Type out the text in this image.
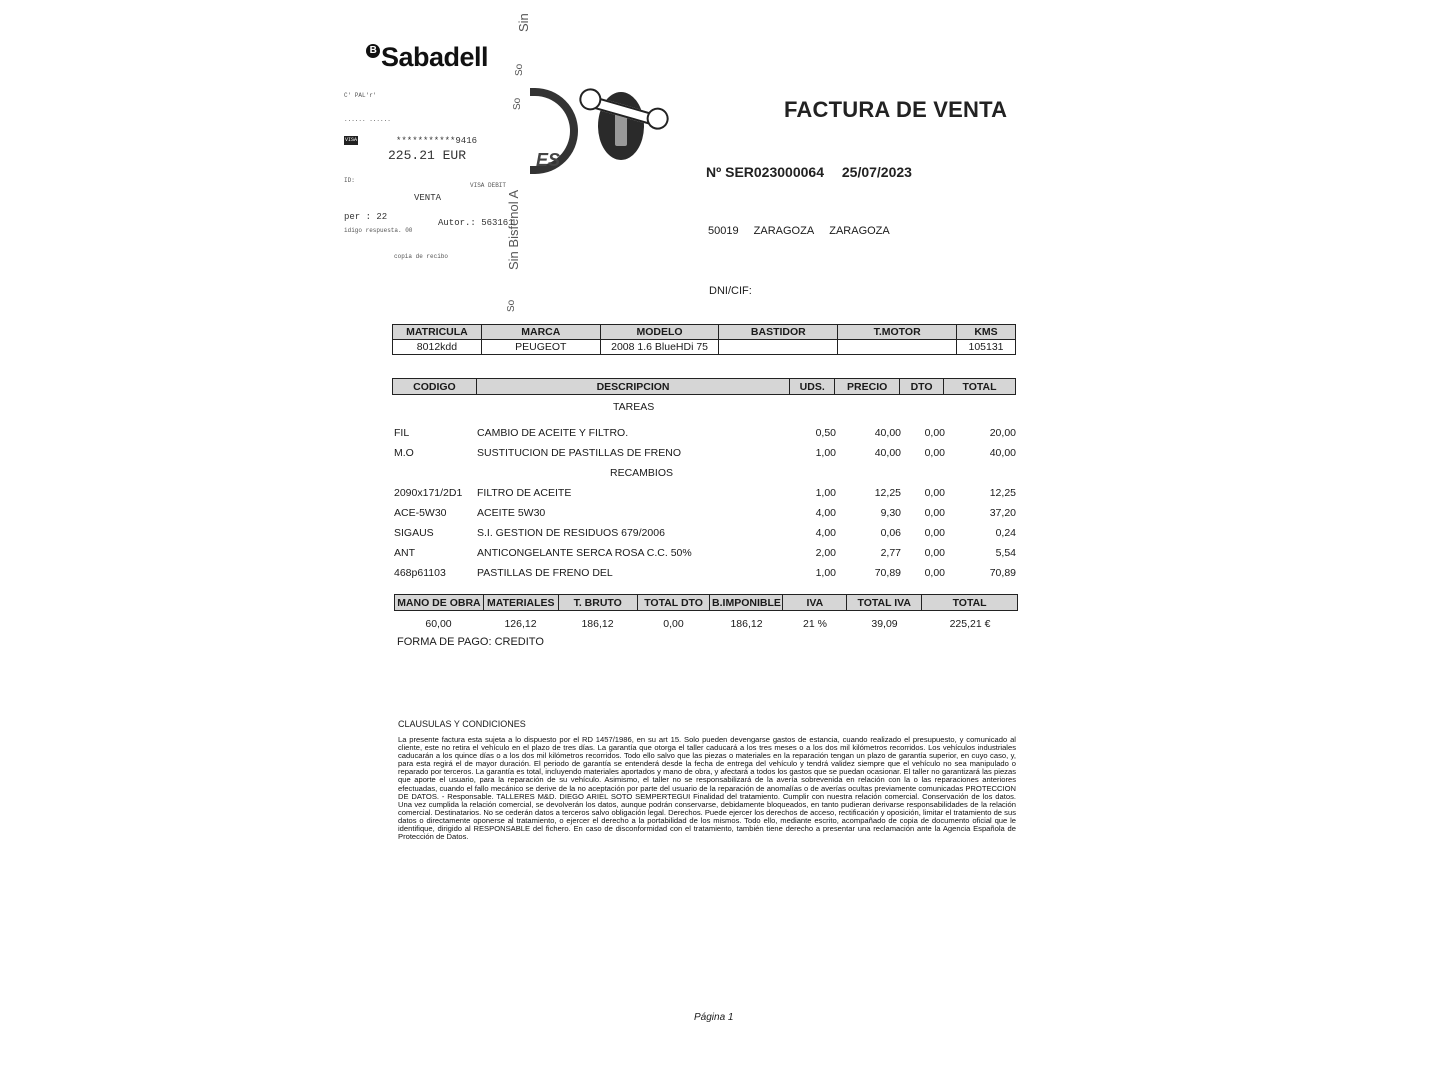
B Sabadell
C' PAL'r'
...... ......
VISA	***********9416
225.21 EUR
ID:
VISA DEBIT
VENTA
per : 22
Autor.: 563161
idigo respuesta. 00
copia de recibo	Sin Bisfenol A
Sin
So
So
So
ES
FACTURA DE VENTA
Nº SER023000064 25/07/2023
50019 ZARAGOZA ZARAGOZA
DNI/CIF:
MATRICULA	MARCA	MODELO	BASTIDOR	T.MOTOR	KMS
8012kdd	PEUGEOT	2008 1.6 BlueHDi 75			105131
CODIGO	DESCRIPCION	UDS.	PRECIO	DTO	TOTAL
TAREAS
FIL	CAMBIO DE ACEITE Y FILTRO.	0,50	40,00 0,00	20,00
M.O	SUSTITUCION DE PASTILLAS DE FRENO	1,00	40,00 0,00	40,00
RECAMBIOS
2090x171/2D1 FILTRO DE ACEITE	1,00	12,25 0,00	12,25
ACE-5W30	ACEITE 5W30	4,00	9,30 0,00	37,20
SIGAUS	S.I. GESTION DE RESIDUOS 679/2006	4,00	0,06 0,00	0,24
ANT	ANTICONGELANTE SERCA ROSA C.C. 50%	2,00	2,77 0,00	5,54
468p61103	PASTILLAS DE FRENO DEL	1,00	70,89 0,00	70,89
MANO DE OBRA	MATERIALES	T. BRUTO	TOTAL DTO	B.IMPONIBLE	IVA	TOTAL IVA	TOTAL
60,00	126,12	186,12	0,00	186,12	21 %	39,09	225,21 €
FORMA DE PAGO: CREDITO
CLAUSULAS Y CONDICIONES
La presente factura esta sujeta a lo dispuesto por el RD 1457/1986, en su art 15. Solo pueden devengarse gastos de estancia, cuando realizado el presupuesto, y comunicado al cliente, este no retira el vehículo en el plazo de tres días. La garantía que otorga el taller caducará a los tres meses o a los dos mil kilómetros recorridos. Los vehículos industriales caducarán a los quince días o a los dos mil kilómetros recorridos. Todo ello salvo que las piezas o materiales en la reparación tengan un plazo de garantía superior, en cuyo caso, y, para esta regirá el de mayor duración. El periodo de garantía se entenderá desde la fecha de entrega del vehículo y tendrá validez siempre que el vehículo no sea manipulado o reparado por terceros. La garantía es total, incluyendo materiales aportados y mano de obra, y afectará a todos los gastos que se puedan ocasionar. El taller no garantizará las piezas que aporte el usuario, para la reparación de su vehículo. Asimismo, el taller no se responsabilizará de la avería sobrevenida en relación con la o las reparaciones anteriores efectuadas, cuando el fallo mecánico se derive de la no aceptación por parte del usuario de la reparación de anomalías o de averías ocultas previamente comunicadas PROTECCION DE DATOS. - Responsable. TALLERES M&D. DIEGO ARIEL SOTO SEMPERTEGUI Finalidad del tratamiento. Cumplir con nuestra relación comercial. Conservación de los datos. Una vez cumplida la relación comercial, se devolverán los datos, aunque podrán conservarse, debidamente bloqueados, en tanto pudieran derivarse responsabilidades de la relación comercial. Destinatarios. No se cederán datos a terceros salvo obligación legal. Derechos. Puede ejercer los derechos de acceso, rectificación y oposición, limitar el tratamiento de sus datos o directamente oponerse al tratamiento, o ejercer el derecho a la portabilidad de los mismos. Todo ello, mediante escrito, acompañado de copia de documento oficial que le identifique, dirigido al RESPONSABLE del fichero. En caso de disconformidad con el tratamiento, también tiene derecho a presentar una reclamación ante la Agencia Española de Protección de Datos.
Página 1
